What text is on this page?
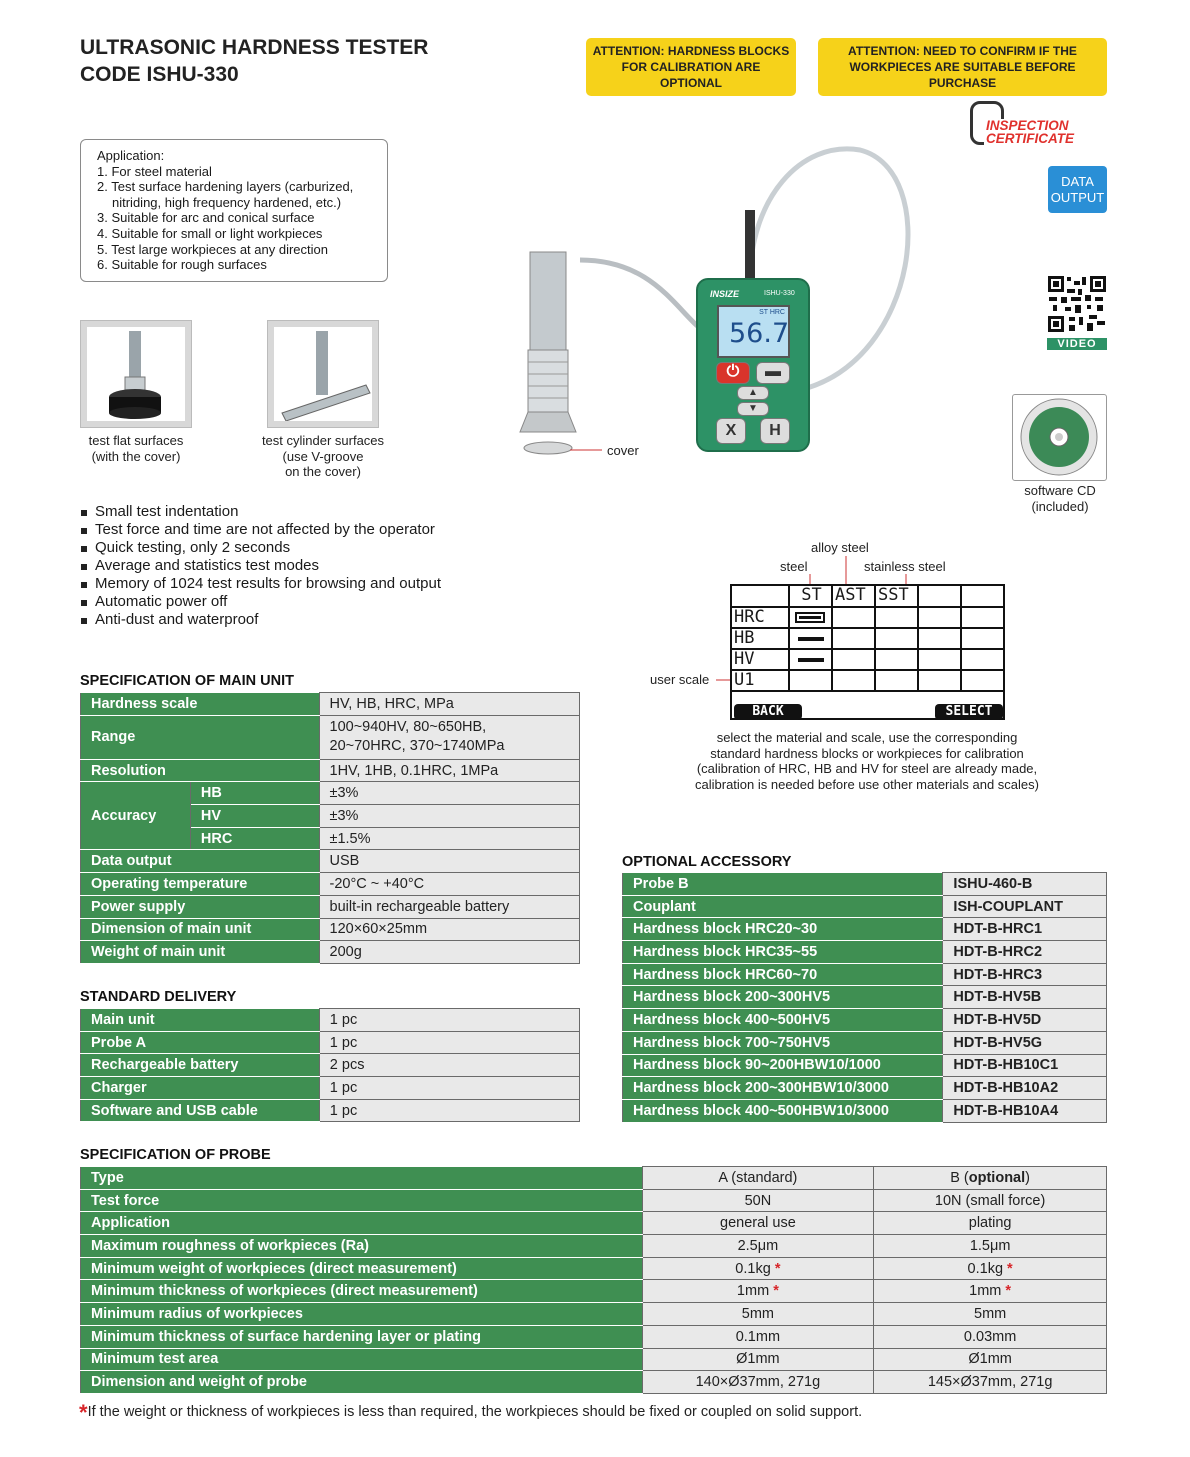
ULTRASONIC HARDNESS TESTER
CODE ISHU-330
ATTENTION: HARDNESS BLOCKS
FOR CALIBRATION ARE OPTIONAL
ATTENTION: NEED TO CONFIRM IF THE
WORKPIECES ARE SUITABLE BEFORE PURCHASE
INSPECTION
CERTIFICATE
DATA
OUTPUT
VIDEO
software CD
(included)
Application:
1. For steel material
2. Test surface hardening layers (carburized,
nitriding, high frequency hardened, etc.)
3. Suitable for arc and conical surface
4. Suitable for small or light workpieces
5. Test large workpieces at any direction
6. Suitable for rough surfaces
test flat surfaces
(with the cover)
test cylinder surfaces
(use V-groove
on the cover)
cover
INSIZE	ISHU-330
ST HRC
56.7
⏻	▬
▲
▼
X	H
Small test indentation
Test force and time are not affected by the operator
Quick testing, only 2 seconds
Average and statistics test modes
Memory of 1024 test results for browsing and output
Automatic power off
Anti-dust and waterproof
alloy steel
steel	stainless steel
user scale
ST AST SST
HRC
HB
HV
U1
BACK	SELECT
select the material and scale, use the corresponding
standard hardness blocks or workpieces for calibration
(calibration of HRC, HB and HV for steel are already made,
calibration is needed before use other materials and scales)
SPECIFICATION OF MAIN UNIT
Hardness scale		HV, HB, HRC, MPa
Range		100~940HV, 80~650HB,
20~70HRC, 370~1740MPa

Resolution		1HV, 1HB, 0.1HRC, 1MPa
Accuracy	HB	±3%
	HV	±3%
	HRC	±1.5%
Data output		USB
Operating temperature		-20°C ~ +40°C
Power supply		built-in rechargeable battery
Dimension of main unit		120×60×25mm
Weight of main unit		200g
STANDARD DELIVERY
Main unit	1 pc
Probe A	1 pc
Rechargeable battery	2 pcs
Charger	1 pc
Software and USB cable	1 pc
OPTIONAL ACCESSORY
Probe B	ISHU-460-B
Couplant	ISH-COUPLANT
Hardness block HRC20~30	HDT-B-HRC1
Hardness block HRC35~55	HDT-B-HRC2
Hardness block HRC60~70	HDT-B-HRC3
Hardness block 200~300HV5	HDT-B-HV5B
Hardness block 400~500HV5	HDT-B-HV5D
Hardness block 700~750HV5	HDT-B-HV5G
Hardness block 90~200HBW10/1000	HDT-B-HB10C1
Hardness block 200~300HBW10/3000	HDT-B-HB10A2
Hardness block 400~500HBW10/3000	HDT-B-HB10A4
SPECIFICATION OF PROBE
Type	A (standard)	B (optional)
Test force	50N	10N (small force)
Application	general use	plating
Maximum roughness of workpieces (Ra)	2.5μm	1.5μm
Minimum weight of workpieces (direct measurement)	0.1kg *	0.1kg *
Minimum thickness of workpieces (direct measurement)	1mm *	1mm *
Minimum radius of workpieces	5mm	5mm
Minimum thickness of surface hardening layer or plating	0.1mm	0.03mm
Minimum test area	Ø1mm	Ø1mm
Dimension and weight of probe	140×Ø37mm, 271g	145×Ø37mm, 271g
*If the weight or thickness of workpieces is less than required, the workpieces should be fixed or coupled on solid support.
